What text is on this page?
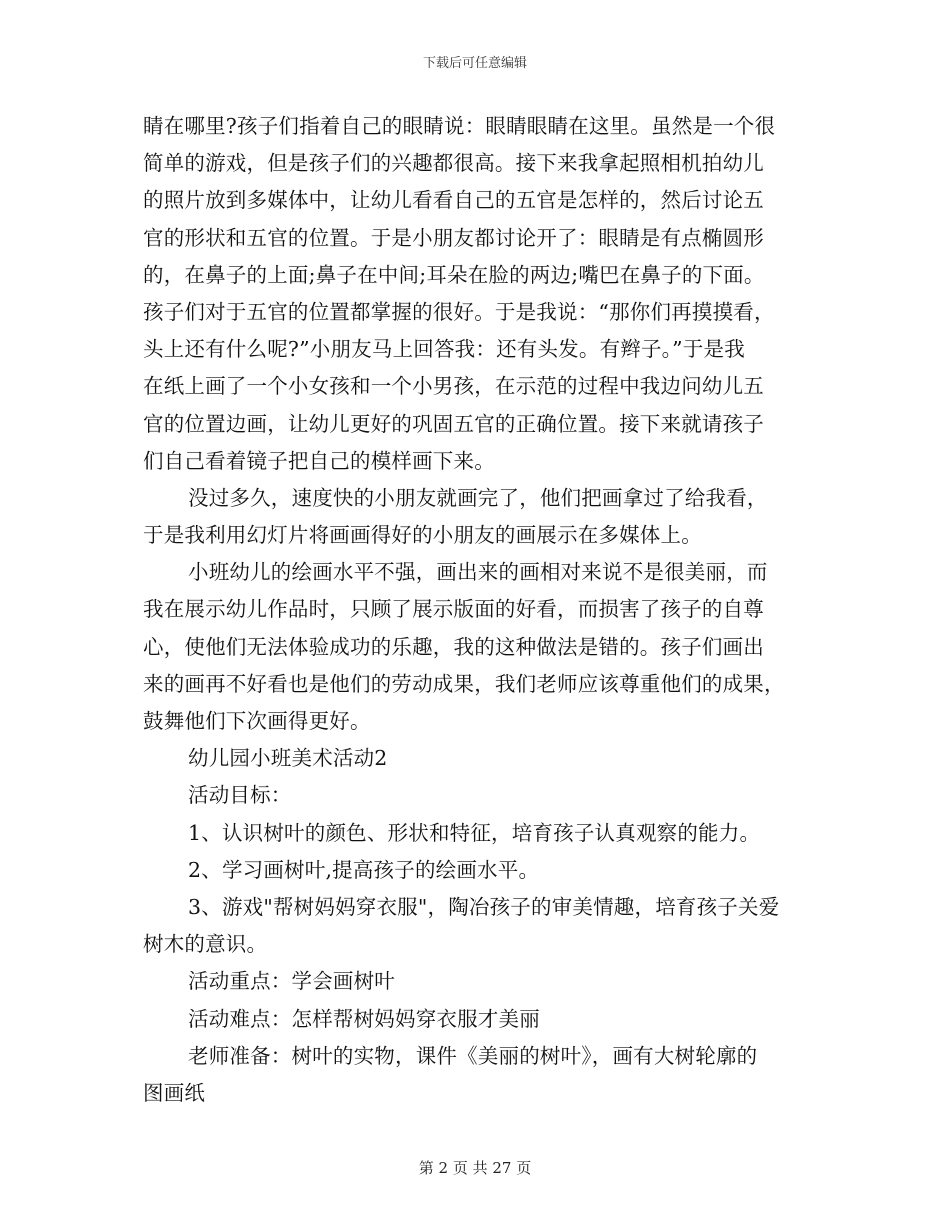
下载后可任意编辑
睛在哪里?孩子们指着自己的眼睛说：眼睛眼睛在这里。虽然是一个很
简单的游戏，但是孩子们的兴趣都很高。接下来我拿起照相机拍幼儿
的照片放到多媒体中，让幼儿看看自己的五官是怎样的，然后讨论五
官的形状和五官的位置。于是小朋友都讨论开了：眼睛是有点椭圆形
的，在鼻子的上面;鼻子在中间;耳朵在脸的两边;嘴巴在鼻子的下面。
孩子们对于五官的位置都掌握的很好。于是我说：“那你们再摸摸看，
头上还有什么呢?”小朋友马上回答我：还有头发。有辫子。”于是我
在纸上画了一个小女孩和一个小男孩，在示范的过程中我边问幼儿五
官的位置边画，让幼儿更好的巩固五官的正确位置。接下来就请孩子
们自己看着镜子把自己的模样画下来。
没过多久，速度快的小朋友就画完了，他们把画拿过了给我看，
于是我利用幻灯片将画画得好的小朋友的画展示在多媒体上。
小班幼儿的绘画水平不强，画出来的画相对来说不是很美丽，而
我在展示幼儿作品时，只顾了展示版面的好看，而损害了孩子的自尊
心，使他们无法体验成功的乐趣，我的这种做法是错的。孩子们画出
来的画再不好看也是他们的劳动成果，我们老师应该尊重他们的成果，
鼓舞他们下次画得更好。
幼儿园小班美术活动2
活动目标：
1、认识树叶的颜色、形状和特征，培育孩子认真观察的能力。
2、学习画树叶,提高孩子的绘画水平。
3、游戏"帮树妈妈穿衣服"，陶冶孩子的审美情趣，培育孩子关爱
树木的意识。
活动重点：学会画树叶
活动难点：怎样帮树妈妈穿衣服才美丽
老师准备：树叶的实物，课件《美丽的树叶》，画有大树轮廓的
图画纸
第 2 页 共 27 页
